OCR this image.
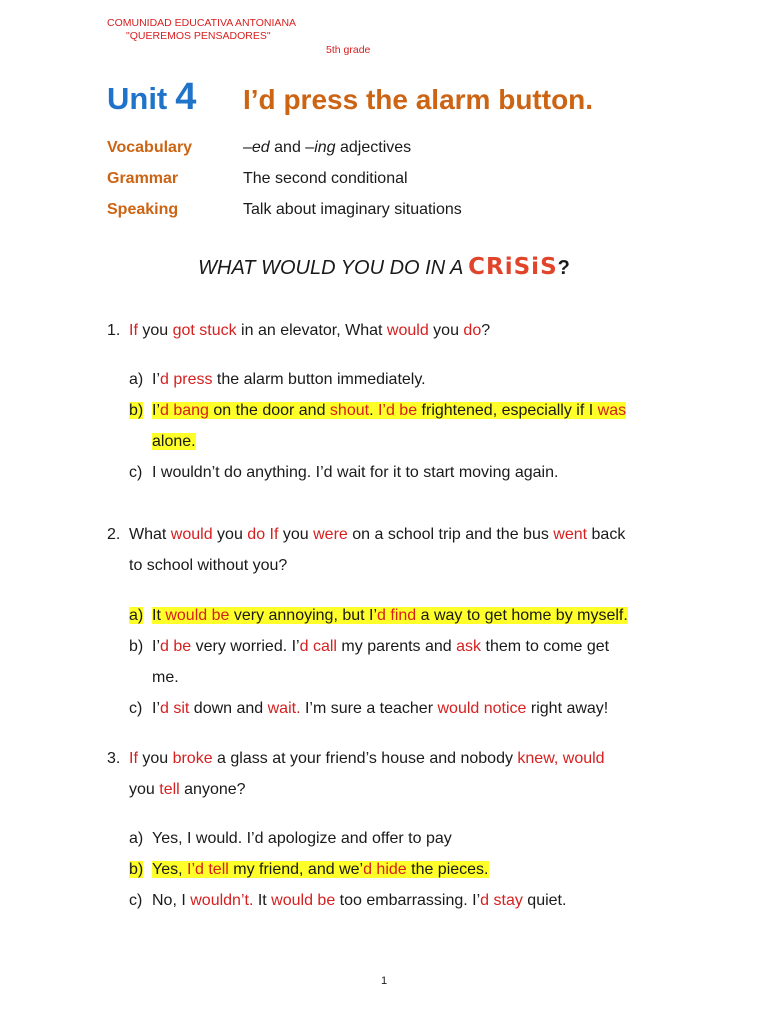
COMUNIDAD EDUCATIVA ANTONIANA
"QUEREMOS PENSADORES"
5th grade
Unit 4 I’d press the alarm button.
Vocabulary	–ed and –ing adjectives
Grammar	The second conditional
Speaking	Talk about imaginary situations
WHAT WOULD YOU DO IN A CRiSiS?
1. If you got stuck in an elevator, What would you do?
a) I’d press the alarm button immediately.
b) I’d bang on the door and shout. I’d be frightened, especially if I was
alone.
c) I wouldn’t do anything. I’d wait for it to start moving again.
2. What would you do If you were on a school trip and the bus went back
to school without you?
a) It would be very annoying, but I’d find a way to get home by myself.
b) I’d be very worried. I’d call my parents and ask them to come get
me.
c) I’d sit down and wait. I’m sure a teacher would notice right away!
3. If you broke a glass at your friend’s house and nobody knew, would
you tell anyone?
a) Yes, I would. I’d apologize and offer to pay
b) Yes, I’d tell my friend, and we’d hide the pieces.
c) No, I wouldn’t. It would be too embarrassing. I’d stay quiet.
1
